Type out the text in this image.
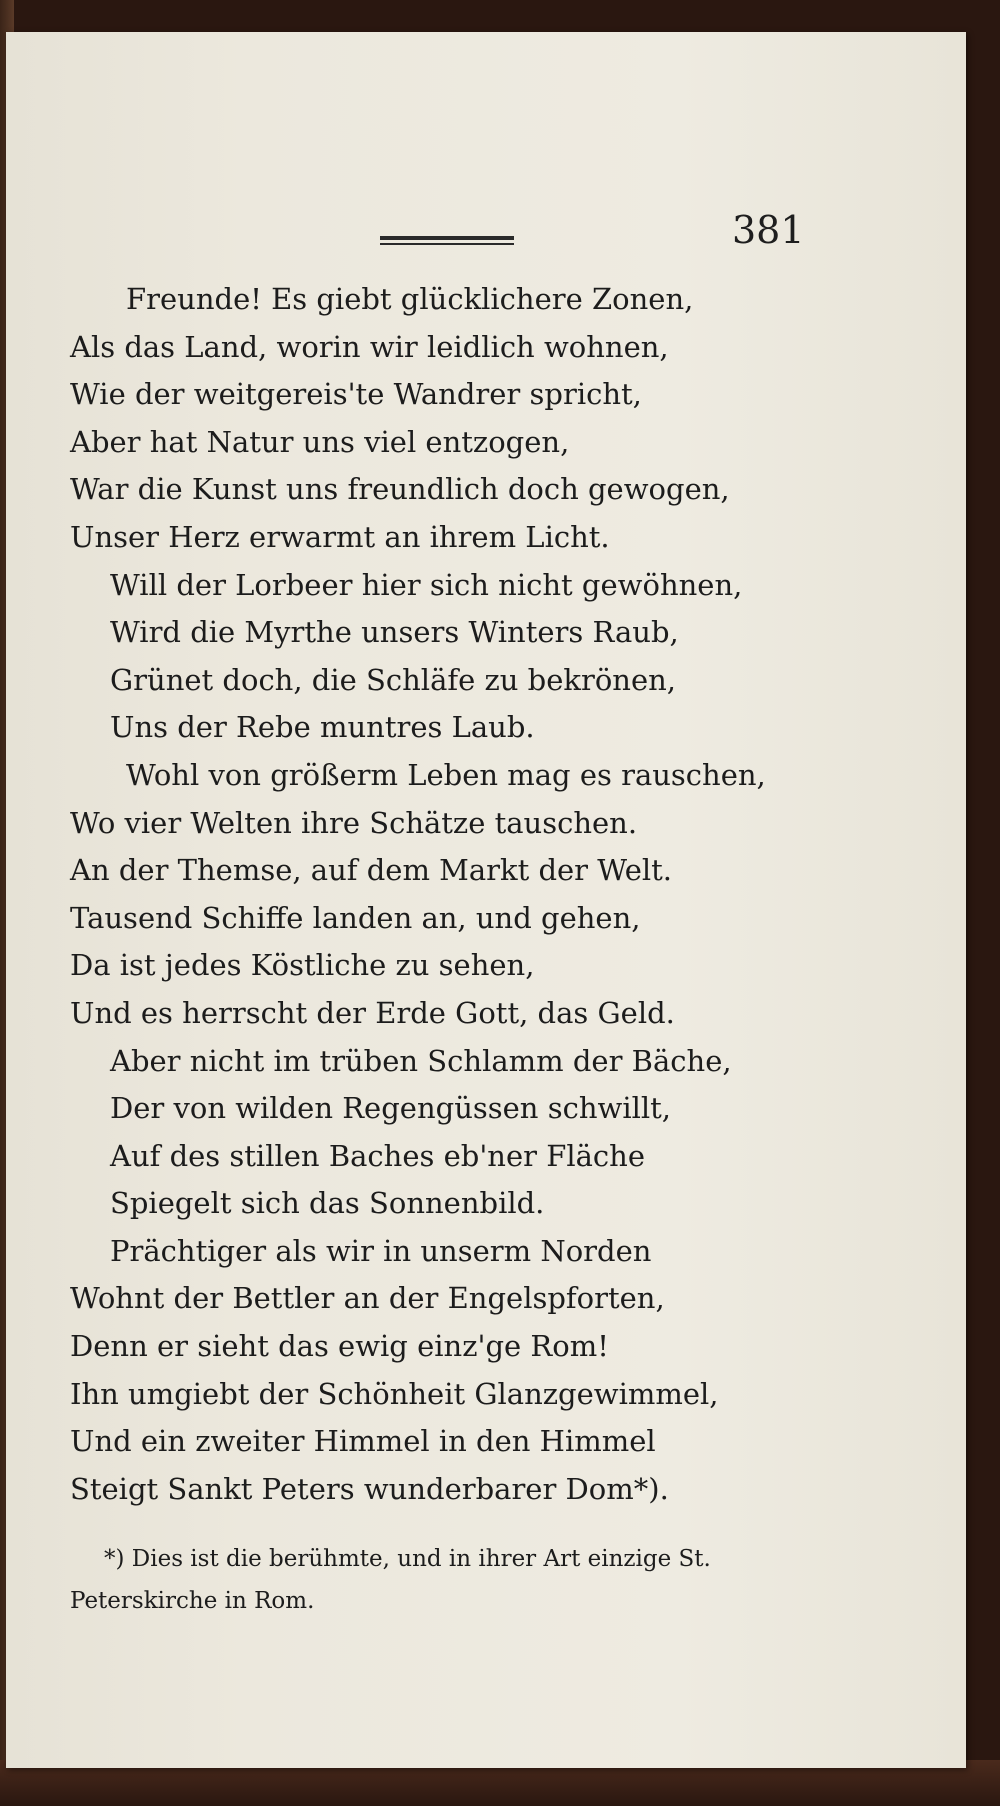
381
Freunde! Es giebt glücklichere Zonen,
Als das Land, worin wir leidlich wohnen,
Wie der weitgereis'te Wandrer spricht,
Aber hat Natur uns viel entzogen,
War die Kunst uns freundlich doch gewogen,
Unser Herz erwarmt an ihrem Licht.
Will der Lorbeer hier sich nicht gewöhnen,
Wird die Myrthe unsers Winters Raub,
Grünet doch, die Schläfe zu bekrönen,
Uns der Rebe muntres Laub.
Wohl von größerm Leben mag es rauschen,
Wo vier Welten ihre Schätze tauschen.
An der Themse, auf dem Markt der Welt.
Tausend Schiffe landen an, und gehen,
Da ist jedes Köstliche zu sehen,
Und es herrscht der Erde Gott, das Geld.
Aber nicht im trüben Schlamm der Bäche,
Der von wilden Regengüssen schwillt,
Auf des stillen Baches eb'ner Fläche
Spiegelt sich das Sonnenbild.
Prächtiger als wir in unserm Norden
Wohnt der Bettler an der Engelspforten,
Denn er sieht das ewig einz'ge Rom!
Ihn umgiebt der Schönheit Glanzgewimmel,
Und ein zweiter Himmel in den Himmel
Steigt Sankt Peters wunderbarer Dom*).
*) Dies ist die berühmte, und in ihrer Art einzige St.
Peterskirche in Rom.
